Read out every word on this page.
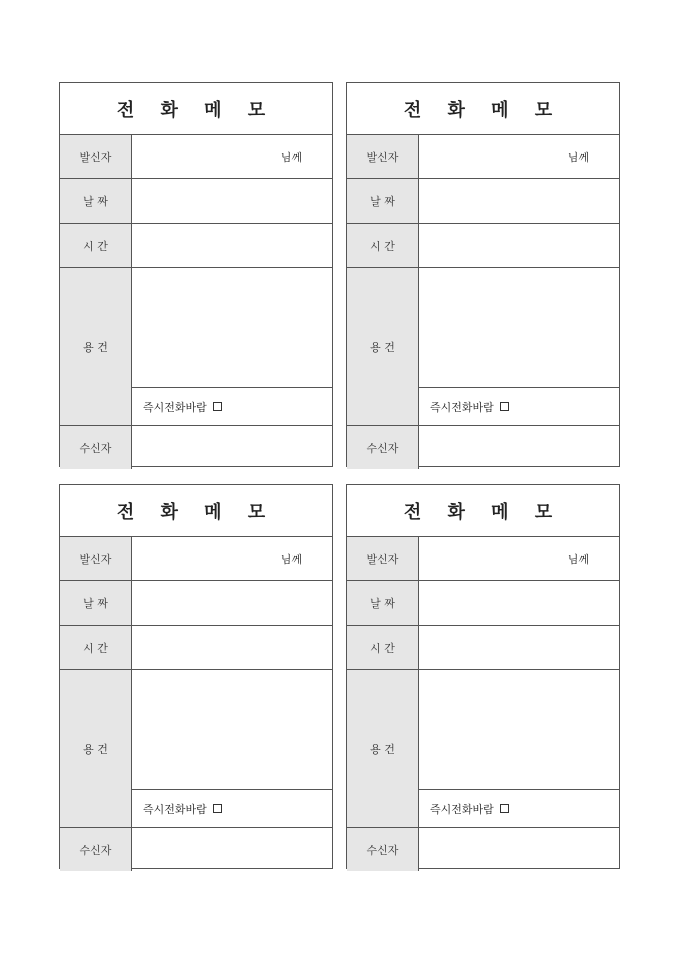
전 화 메 모
발신자	님께
날 짜
시 간
용 건
즉시전화바람
수신자
전 화 메 모
발신자	님께
날 짜
시 간
용 건
즉시전화바람
수신자
전 화 메 모
발신자	님께
날 짜
시 간
용 건
즉시전화바람
수신자
전 화 메 모
발신자	님께
날 짜
시 간
용 건
즉시전화바람
수신자
